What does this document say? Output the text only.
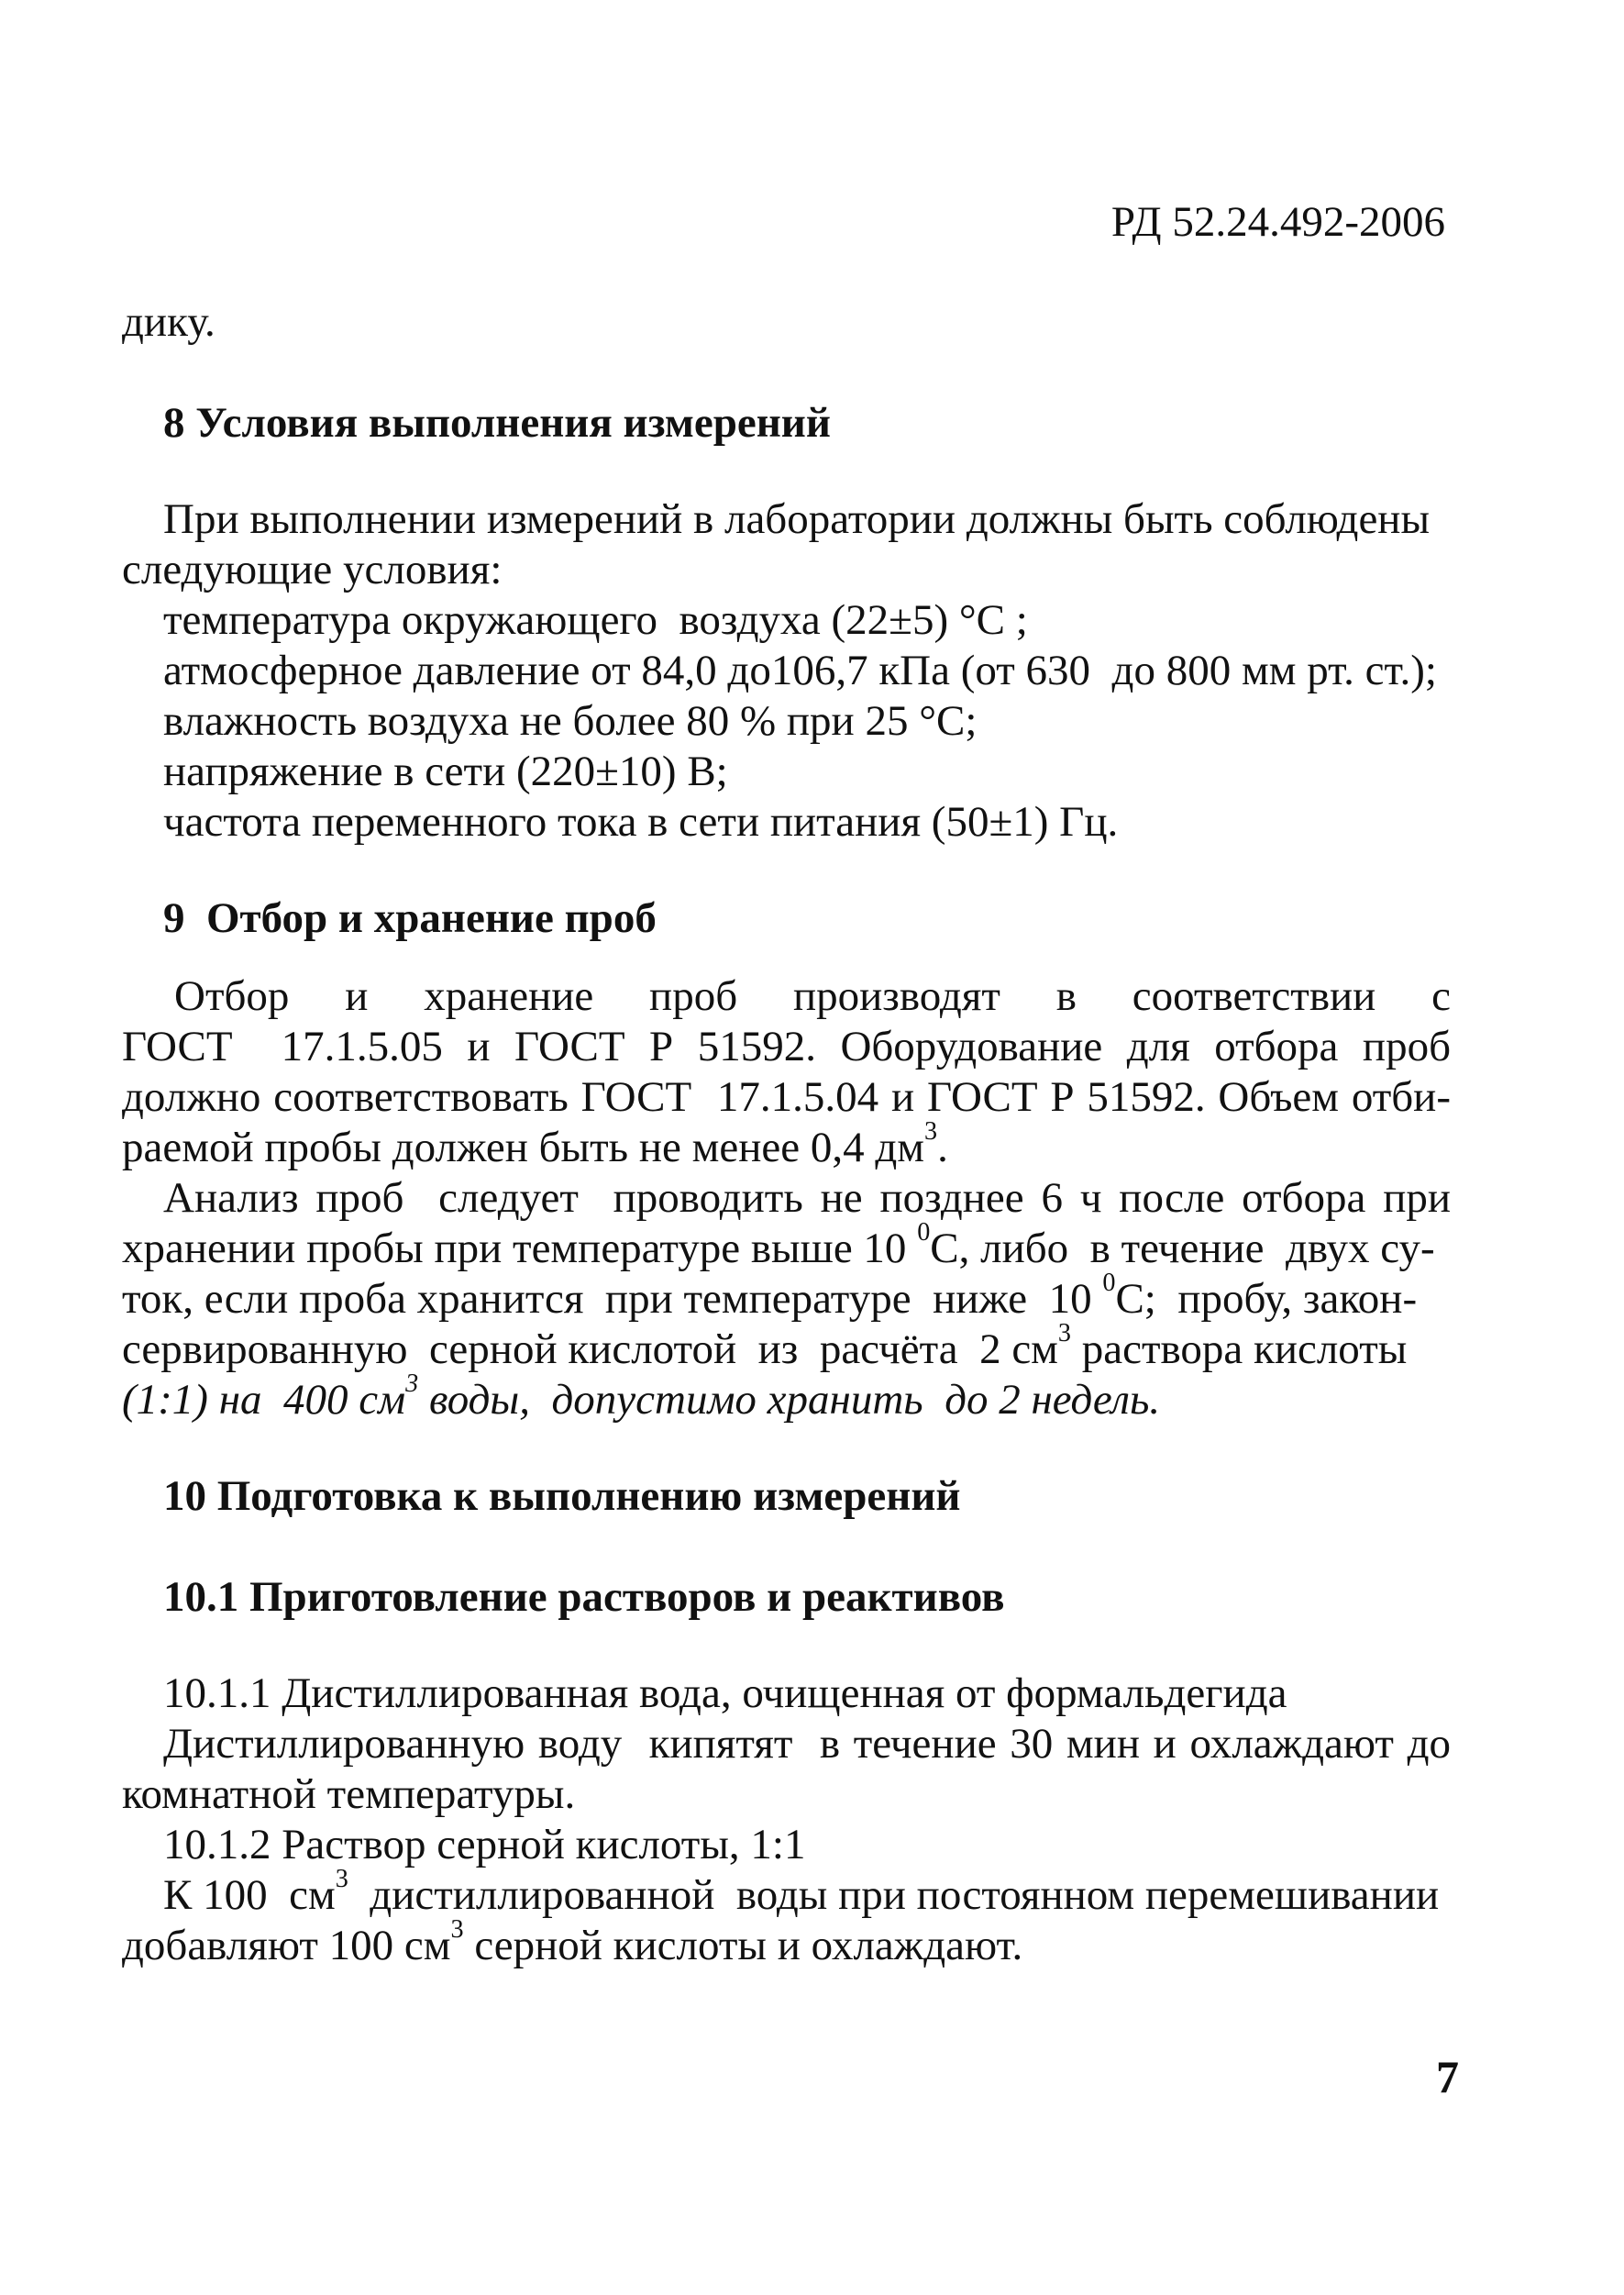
РД 52.24.492-2006
дику.
8 Условия выполнения измерений
При выполнении измерений в лаборатории должны быть соблюдены
следующие условия:
температура окружающего  воздуха (22±5) °С ;
атмосферное давление от 84,0 до106,7 кПа (от 630  до 800 мм рт. ст.);
влажность воздуха не более 80 % при 25 °С;
напряжение в сети (220±10) В;
частота переменного тока в сети питания (50±1) Гц.
9  Отбор и хранение проб
Отбор    и    хранение    проб    производят    в    соответствии    с
ГОСТ  17.1.5.05 и ГОСТ Р 51592. Оборудование для отбора проб
должно соответствовать ГОСТ  17.1.5.04 и ГОСТ Р 51592. Объем отби-
раемой пробы должен быть не менее 0,4 $дм^3$.
Анализ проб  следует  проводить не позднее 6 ч после отбора при
хранении пробы при температуре выше 10 $^0$С, либо  в течение  двух су-
ток, если проба хранится  при температуре  ниже  10 $^0$С;  пробу, закон-
сервированную  серной кислотой  из  расчёта  2 $см^3$ раствора кислоты
(1:1) на  400 $см^3$ воды,  допустимо хранить  до 2 недель.
10 Подготовка к выполнению измерений
10.1 Приготовление растворов и реактивов
10.1.1 Дистиллированная вода, очищенная от формальдегида
Дистиллированную воду  кипятят  в течение 30 мин и охлаждают до
комнатной температуры.
10.1.2 Раствор серной кислоты, 1:1
К 100  $см^3$  дистиллированной  воды при постоянном перемешивании
добавляют 100 $см^3$ серной кислоты и охлаждают.
7
